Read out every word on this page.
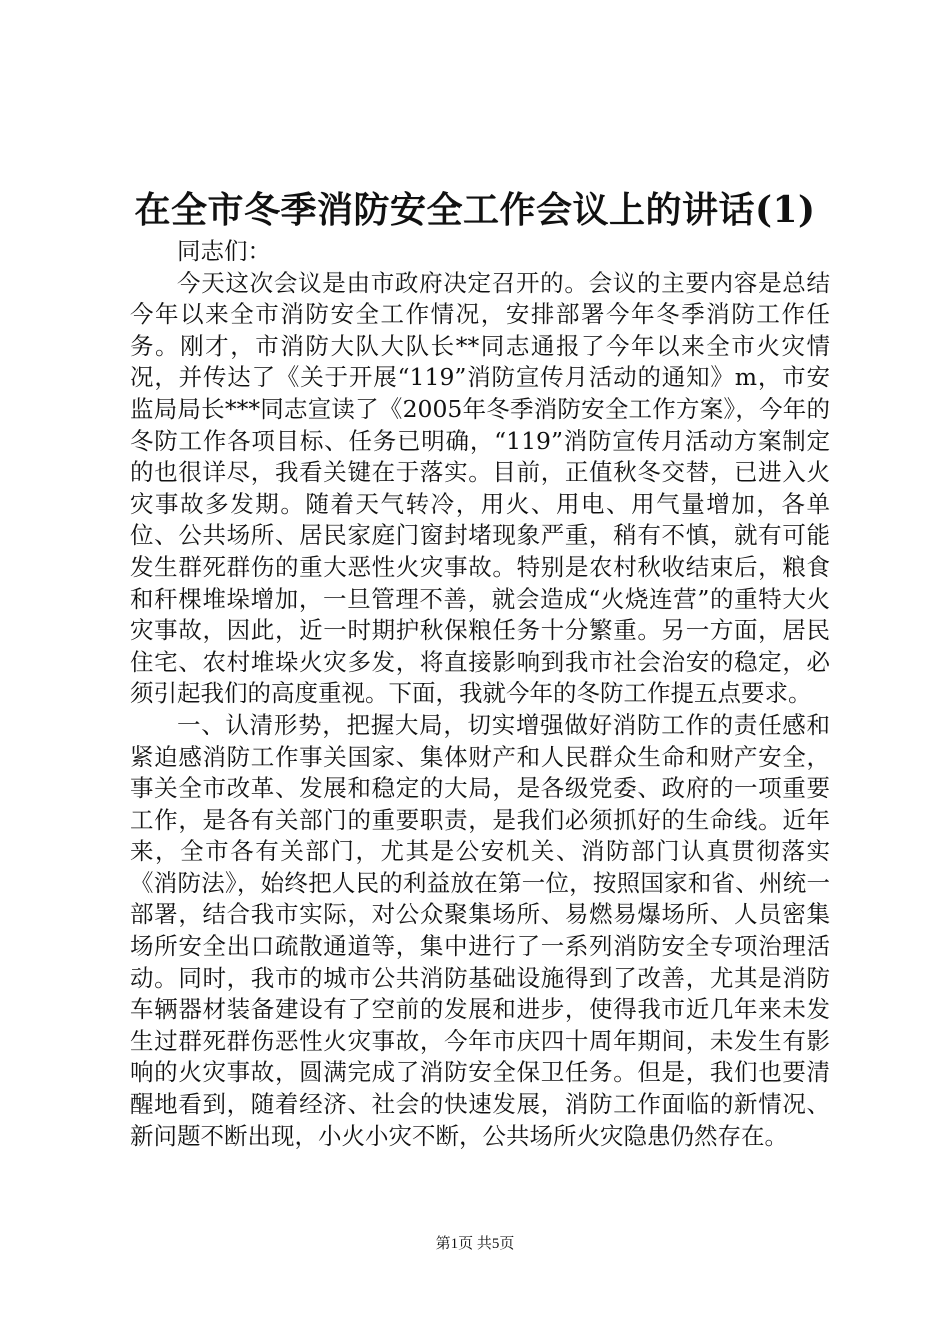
在全市冬季消防安全工作会议上的讲话(1)

同志们：

今天这次会议是由市政府决定召开的。会议的主要内容是总结今年以来全市消防安全工作情况，安排部署今年冬季消防工作任务。刚才，市消防大队大队长**同志通报了今年以来全市火灾情况，并传达了《关于开展“119”消防宣传月活动的通知》m，市安监局局长***同志宣读了《2005年冬季消防安全工作方案》，今年的冬防工作各项目标、任务已明确，“119”消防宣传月活动方案制定的也很详尽，我看关键在于落实。目前，正值秋冬交替，已进入火灾事故多发期。随着天气转冷，用火、用电、用气量增加，各单位、公共场所、居民家庭门窗封堵现象严重，稍有不慎，就有可能发生群死群伤的重大恶性火灾事故。特别是农村秋收结束后，粮食和秆棵堆垛增加，一旦管理不善，就会造成“火烧连营”的重特大火灾事故，因此，近一时期护秋保粮任务十分繁重。另一方面，居民住宅、农村堆垛火灾多发，将直接影响到我市社会治安的稳定，必须引起我们的高度重视。下面，我就今年的冬防工作提五点要求。

一、认清形势，把握大局，切实增强做好消防工作的责任感和紧迫感消防工作事关国家、集体财产和人民群众生命和财产安全，事关全市改革、发展和稳定的大局，是各级党委、政府的一项重要工作，是各有关部门的重要职责，是我们必须抓好的生命线。近年来，全市各有关部门，尤其是公安机关、消防部门认真贯彻落实《消防法》，始终把人民的利益放在第一位，按照国家和省、州统一部署，结合我市实际，对公众聚集场所、易燃易爆场所、人员密集场所安全出口疏散通道等，集中进行了一系列消防安全专项治理活动。同时，我市的城市公共消防基础设施得到了改善，尤其是消防车辆器材装备建设有了空前的发展和进步，使得我市近几年来未发生过群死群伤恶性火灾事故，今年市庆四十周年期间，未发生有影响的火灾事故，圆满完成了消防安全保卫任务。但是，我们也要清醒地看到，随着经济、社会的快速发展，消防工作面临的新情况、新问题不断出现，小火小灾不断，公共场所火灾隐患仍然存在。

第1页 共5页
